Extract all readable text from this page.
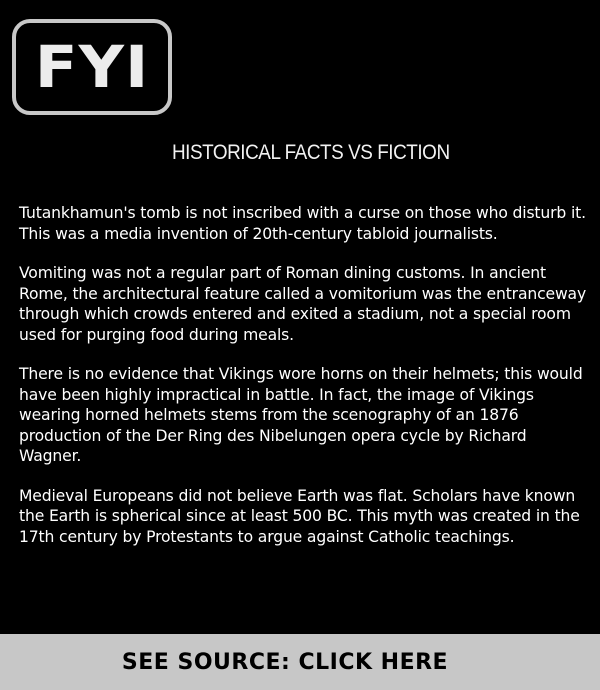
FYI
HISTORICAL FACTS VS FICTION

Tutankhamun's tomb is not inscribed with a curse on those who disturb it. This was a media invention of 20th-century tabloid journalists.

Vomiting was not a regular part of Roman dining customs. In ancient Rome, the architectural feature called a vomitorium was the entranceway through which crowds entered and exited a stadium, not a special room used for purging food during meals.

There is no evidence that Vikings wore horns on their helmets; this would have been highly impractical in battle. In fact, the image of Vikings wearing horned helmets stems from the scenography of an 1876 production of the Der Ring des Nibelungen opera cycle by Richard Wagner.

Medieval Europeans did not believe Earth was flat. Scholars have known the Earth is spherical since at least 500 BC. This myth was created in the 17th century by Protestants to argue against Catholic teachings.

SEE SOURCE: CLICK HERE
